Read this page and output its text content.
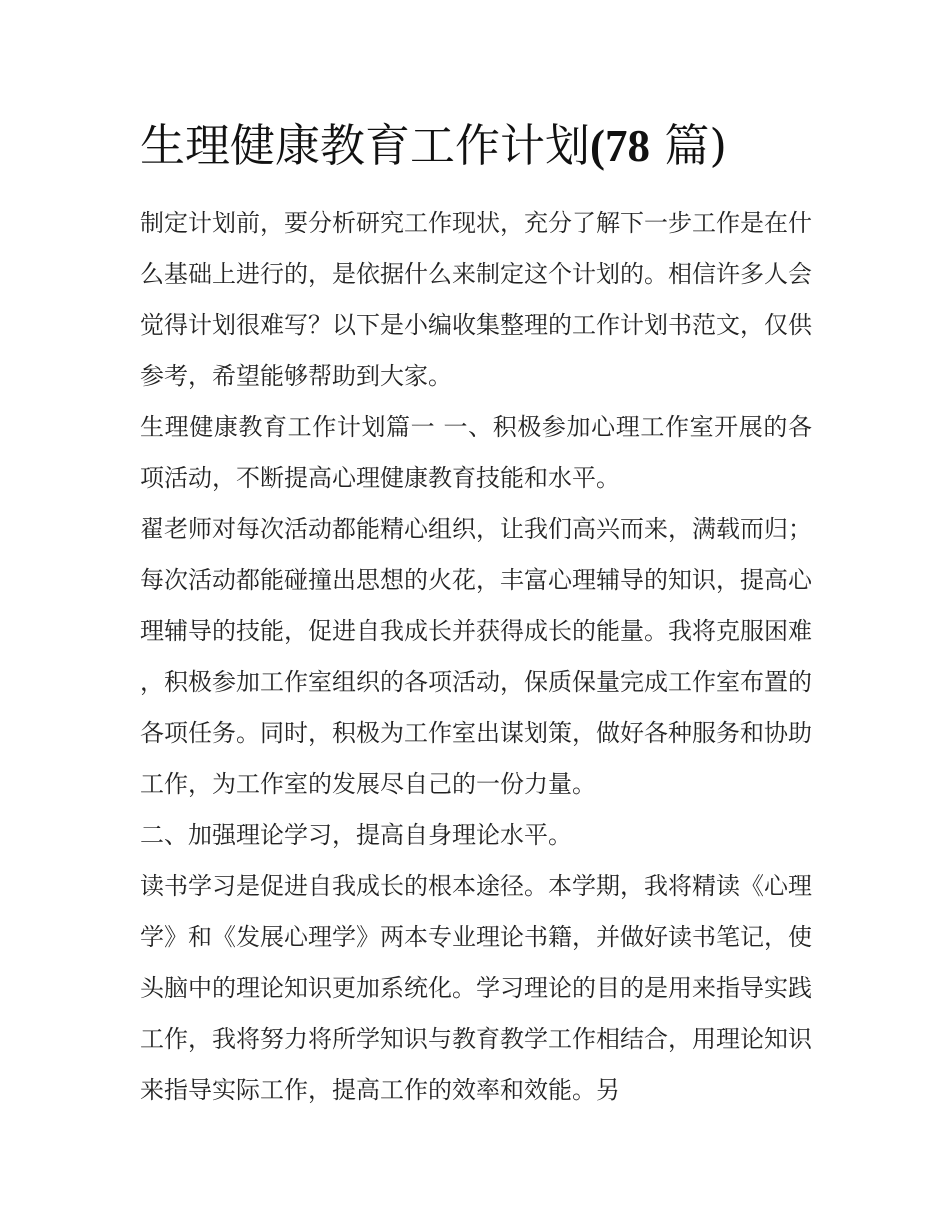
生理健康教育工作计划(78 篇)

制定计划前，要分析研究工作现状，充分了解下一步工作是在什么基础上进行的，是依据什么来制定这个计划的。相信许多人会觉得计划很难写？以下是小编收集整理的工作计划书范文，仅供参考，希望能够帮助到大家。

生理健康教育工作计划篇一 一、积极参加心理工作室开展的各项活动，不断提高心理健康教育技能和水平。

翟老师对每次活动都能精心组织，让我们高兴而来，满载而归；每次活动都能碰撞出思想的火花，丰富心理辅导的知识，提高心理辅导的技能，促进自我成长并获得成长的能量。我将克服困难，积极参加工作室组织的各项活动，保质保量完成工作室布置的各项任务。同时，积极为工作室出谋划策，做好各种服务和协助工作，为工作室的发展尽自己的一份力量。

二、加强理论学习，提高自身理论水平。

读书学习是促进自我成长的根本途径。本学期，我将精读《心理学》和《发展心理学》两本专业理论书籍，并做好读书笔记，使头脑中的理论知识更加系统化。学习理论的目的是用来指导实践工作，我将努力将所学知识与教育教学工作相结合，用理论知识来指导实际工作，提高工作的效率和效能。另
